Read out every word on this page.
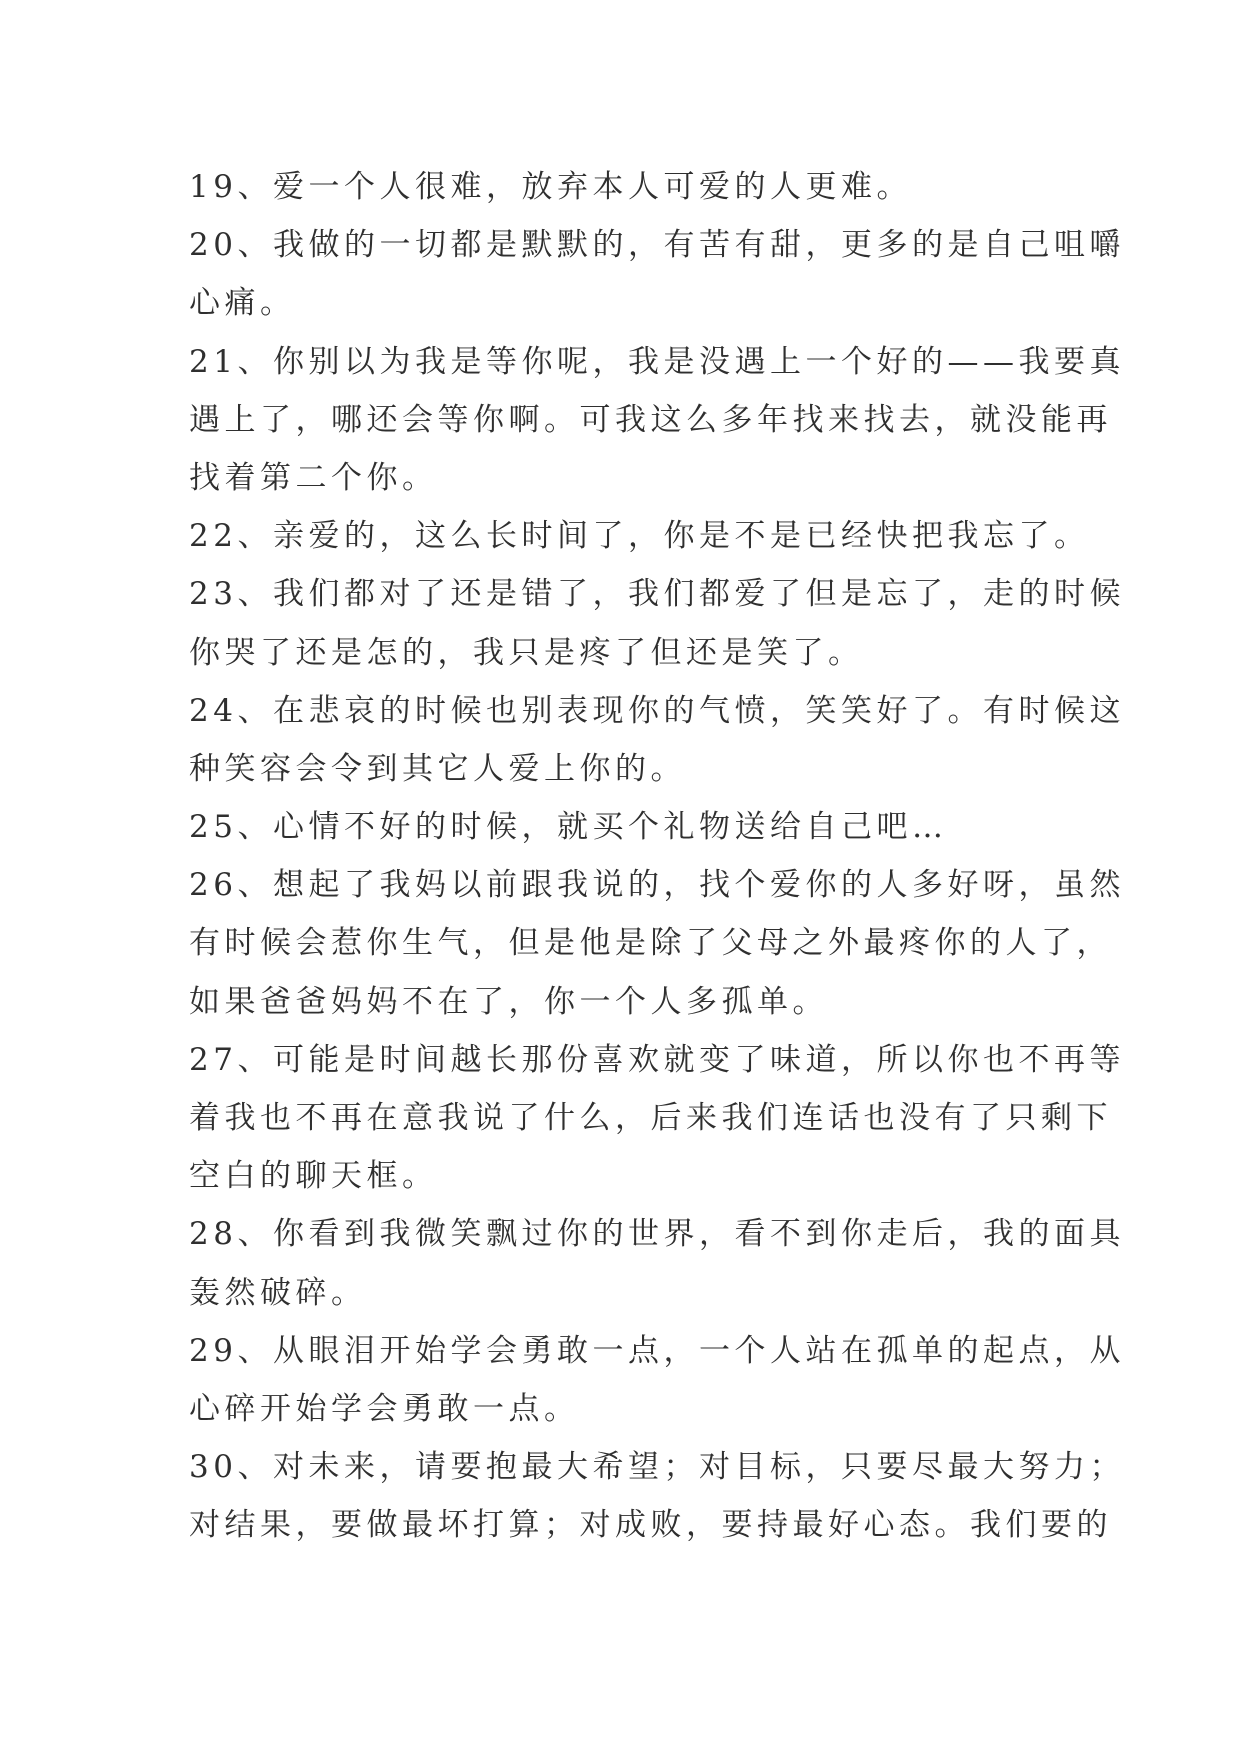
19、爱一个人很难，放弃本人可爱的人更难。
20、我做的一切都是默默的，有苦有甜，更多的是自己咀嚼
心痛。
21、你别以为我是等你呢，我是没遇上一个好的——我要真
遇上了，哪还会等你啊。可我这么多年找来找去，就没能再
找着第二个你。
22、亲爱的，这么长时间了，你是不是已经快把我忘了。
23、我们都对了还是错了，我们都爱了但是忘了，走的时候
你哭了还是怎的，我只是疼了但还是笑了。
24、在悲哀的时候也别表现你的气愤，笑笑好了。有时候这
种笑容会令到其它人爱上你的。
25、心情不好的时候，就买个礼物送给自己吧…
26、想起了我妈以前跟我说的，找个爱你的人多好呀，虽然
有时候会惹你生气，但是他是除了父母之外最疼你的人了，
如果爸爸妈妈不在了，你一个人多孤单。
27、可能是时间越长那份喜欢就变了味道，所以你也不再等
着我也不再在意我说了什么，后来我们连话也没有了只剩下
空白的聊天框。
28、你看到我微笑飘过你的世界，看不到你走后，我的面具
轰然破碎。
29、从眼泪开始学会勇敢一点，一个人站在孤单的起点，从
心碎开始学会勇敢一点。
30、对未来，请要抱最大希望；对目标，只要尽最大努力；
对结果，要做最坏打算；对成败，要持最好心态。我们要的
